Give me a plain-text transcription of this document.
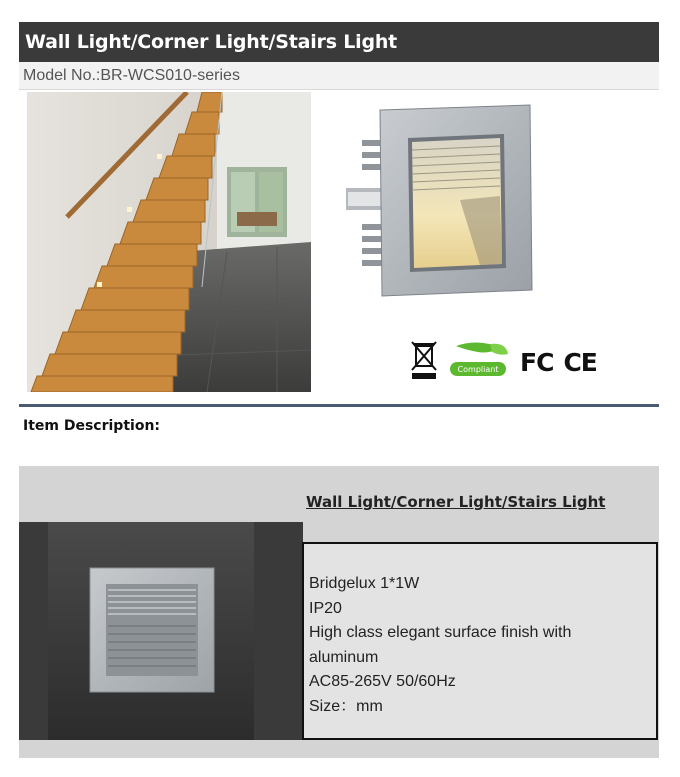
Wall Light/Corner Light/Stairs Light
Model No.:BR-WCS010-series
Compliant
RoHS FC CE
Item Description:
Wall Light/Corner Light/Stairs Light
Bridgelux 1*1W
IP20
High class elegant surface finish with
aluminum
AC85-265V 50/60Hz
Size：mm
